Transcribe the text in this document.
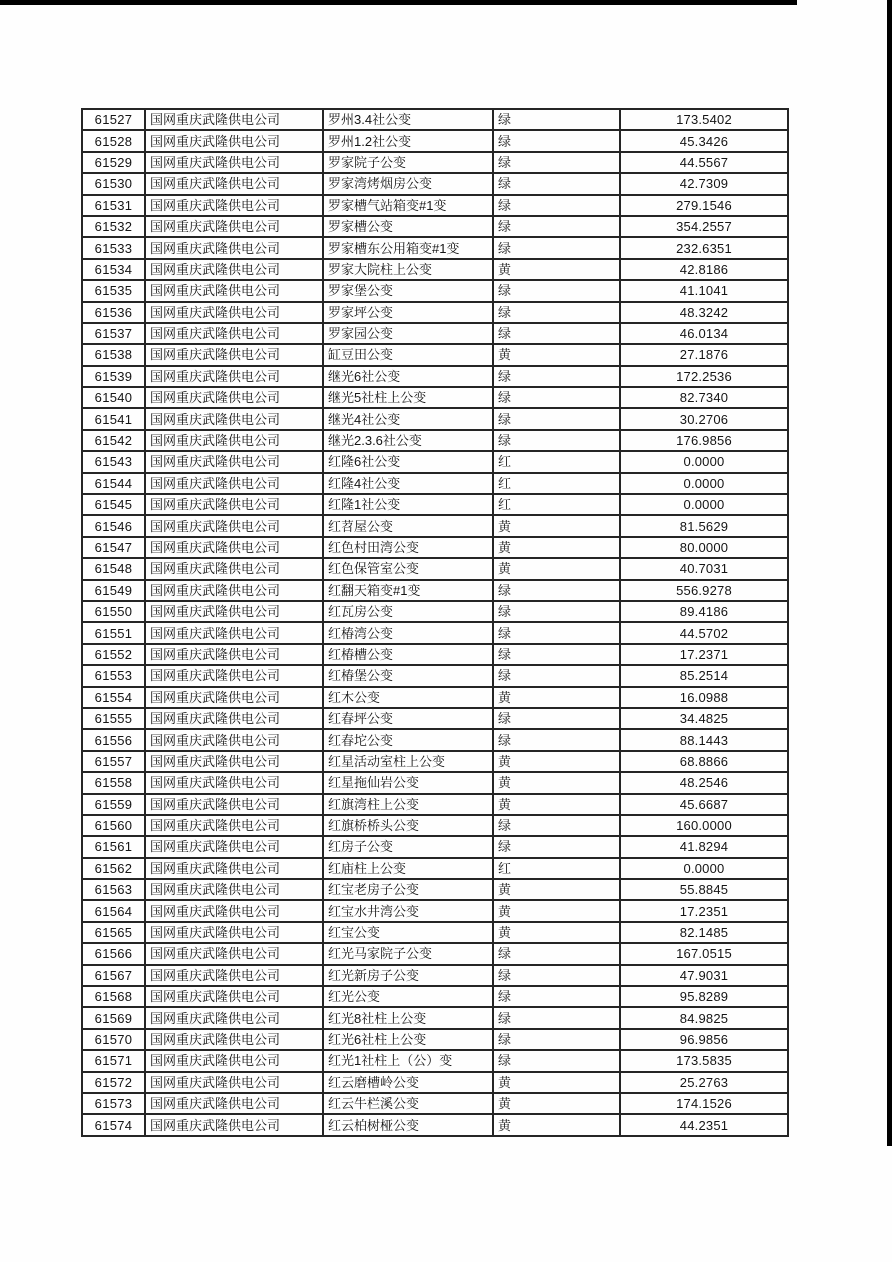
61527	国网重庆武隆供电公司	罗州3.4社公变	绿	173.5402
61528	国网重庆武隆供电公司	罗州1.2社公变	绿	45.3426
61529	国网重庆武隆供电公司	罗家院子公变	绿	44.5567
61530	国网重庆武隆供电公司	罗家湾烤烟房公变	绿	42.7309
61531	国网重庆武隆供电公司	罗家槽气站箱变#1变	绿	279.1546
61532	国网重庆武隆供电公司	罗家槽公变	绿	354.2557
61533	国网重庆武隆供电公司	罗家槽东公用箱变#1变	绿	232.6351
61534	国网重庆武隆供电公司	罗家大院柱上公变	黄	42.8186
61535	国网重庆武隆供电公司	罗家堡公变	绿	41.1041
61536	国网重庆武隆供电公司	罗家坪公变	绿	48.3242
61537	国网重庆武隆供电公司	罗家园公变	绿	46.0134
61538	国网重庆武隆供电公司	缸豆田公变	黄	27.1876
61539	国网重庆武隆供电公司	继光6社公变	绿	172.2536
61540	国网重庆武隆供电公司	继光5社柱上公变	绿	82.7340
61541	国网重庆武隆供电公司	继光4社公变	绿	30.2706
61542	国网重庆武隆供电公司	继光2.3.6社公变	绿	176.9856
61543	国网重庆武隆供电公司	红隆6社公变	红	0.0000
61544	国网重庆武隆供电公司	红隆4社公变	红	0.0000
61545	国网重庆武隆供电公司	红隆1社公变	红	0.0000
61546	国网重庆武隆供电公司	红苕屋公变	黄	81.5629
61547	国网重庆武隆供电公司	红色村田湾公变	黄	80.0000
61548	国网重庆武隆供电公司	红色保管室公变	黄	40.7031
61549	国网重庆武隆供电公司	红翻天箱变#1变	绿	556.9278
61550	国网重庆武隆供电公司	红瓦房公变	绿	89.4186
61551	国网重庆武隆供电公司	红椿湾公变	绿	44.5702
61552	国网重庆武隆供电公司	红椿槽公变	绿	17.2371
61553	国网重庆武隆供电公司	红椿堡公变	绿	85.2514
61554	国网重庆武隆供电公司	红木公变	黄	16.0988
61555	国网重庆武隆供电公司	红春坪公变	绿	34.4825
61556	国网重庆武隆供电公司	红春坨公变	绿	88.1443
61557	国网重庆武隆供电公司	红星活动室柱上公变	黄	68.8866
61558	国网重庆武隆供电公司	红星拖仙岩公变	黄	48.2546
61559	国网重庆武隆供电公司	红旗湾柱上公变	黄	45.6687
61560	国网重庆武隆供电公司	红旗桥桥头公变	绿	160.0000
61561	国网重庆武隆供电公司	红房子公变	绿	41.8294
61562	国网重庆武隆供电公司	红庙柱上公变	红	0.0000
61563	国网重庆武隆供电公司	红宝老房子公变	黄	55.8845
61564	国网重庆武隆供电公司	红宝水井湾公变	黄	17.2351
61565	国网重庆武隆供电公司	红宝公变	黄	82.1485
61566	国网重庆武隆供电公司	红光马家院子公变	绿	167.0515
61567	国网重庆武隆供电公司	红光新房子公变	绿	47.9031
61568	国网重庆武隆供电公司	红光公变	绿	95.8289
61569	国网重庆武隆供电公司	红光8社柱上公变	绿	84.9825
61570	国网重庆武隆供电公司	红光6社柱上公变	绿	96.9856
61571	国网重庆武隆供电公司	红光1社柱上（公）变	绿	173.5835
61572	国网重庆武隆供电公司	红云磨槽岭公变	黄	25.2763
61573	国网重庆武隆供电公司	红云牛栏溪公变	黄	174.1526
61574	国网重庆武隆供电公司	红云柏树桠公变	黄	44.2351
